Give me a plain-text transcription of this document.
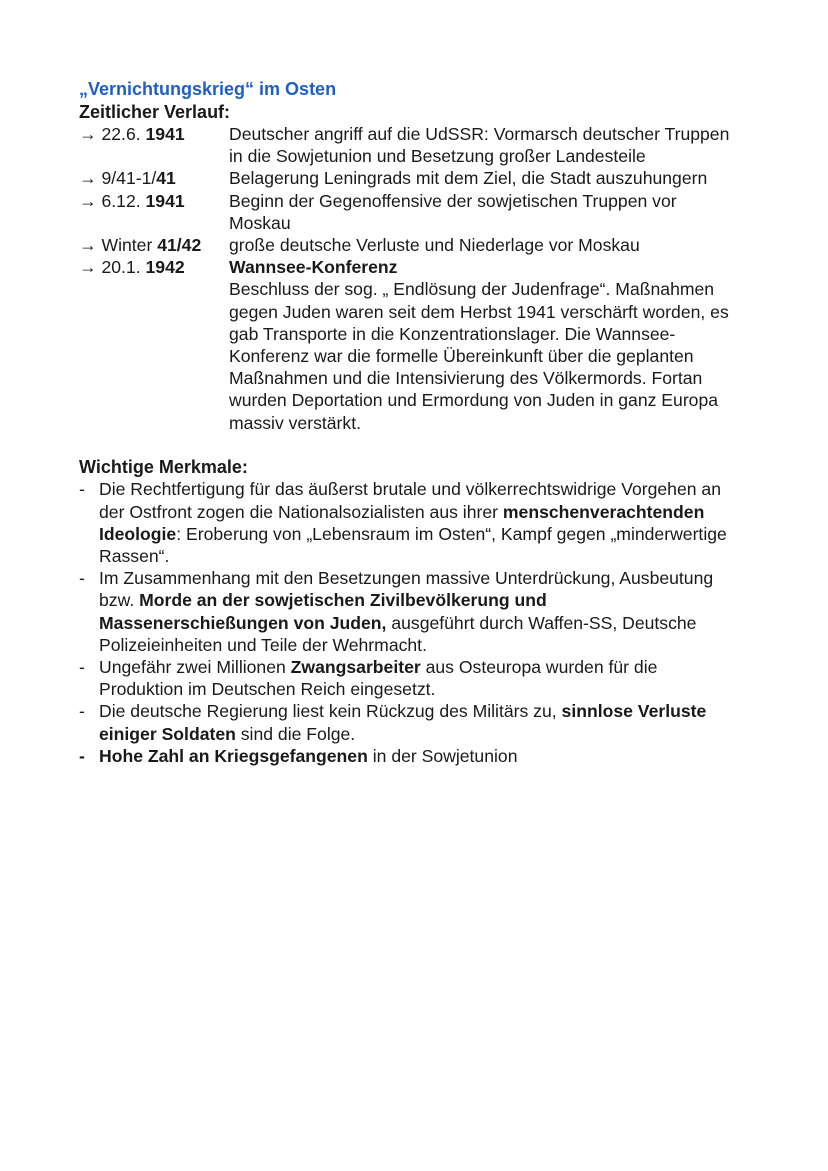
„Vernichtungskrieg“ im Osten
Zeitlicher Verlauf:
→ 22.6. 1941	Deutscher angriff auf die UdSSR: Vormarsch deutscher Truppen in die Sowjetunion und Besetzung großer Landesteile
→ 9/41-1/41	Belagerung Leningrads mit dem Ziel, die Stadt auszuhungern
→ 6.12. 1941	Beginn der Gegenoffensive der sowjetischen Truppen vor Moskau
→ Winter 41/42	große deutsche Verluste und Niederlage vor Moskau
→ 20.1. 1942	Wannsee-Konferenz
Beschluss der sog. „ Endlösung der Judenfrage“. Maßnahmen gegen Juden waren seit dem Herbst 1941 verschärft worden, es gab Transporte in die Konzentrationslager. Die Wannsee-Konferenz war die formelle Übereinkunft über die geplanten Maßnahmen und die Intensivierung des Völkermords. Fortan wurden Deportation und Ermordung von Juden in ganz Europa massiv verstärkt.
Wichtige Merkmale:
- Die Rechtfertigung für das äußerst brutale und völkerrechtswidrige Vorgehen an der Ostfront zogen die Nationalsozialisten aus ihrer menschenverachtenden Ideologie: Eroberung von „Lebensraum im Osten“, Kampf gegen „minderwertige Rassen“.
- Im Zusammenhang mit den Besetzungen massive Unterdrückung, Ausbeutung bzw. Morde an der sowjetischen Zivilbevölkerung und Massenerschießungen von Juden, ausgeführt durch Waffen-SS, Deutsche Polizeieinheiten und Teile der Wehrmacht.
- Ungefähr zwei Millionen Zwangsarbeiter aus Osteuropa wurden für die Produktion im Deutschen Reich eingesetzt.
- Die deutsche Regierung liest kein Rückzug des Militärs zu, sinnlose Verluste einiger Soldaten sind die Folge.
- Hohe Zahl an Kriegsgefangenen in der Sowjetunion
